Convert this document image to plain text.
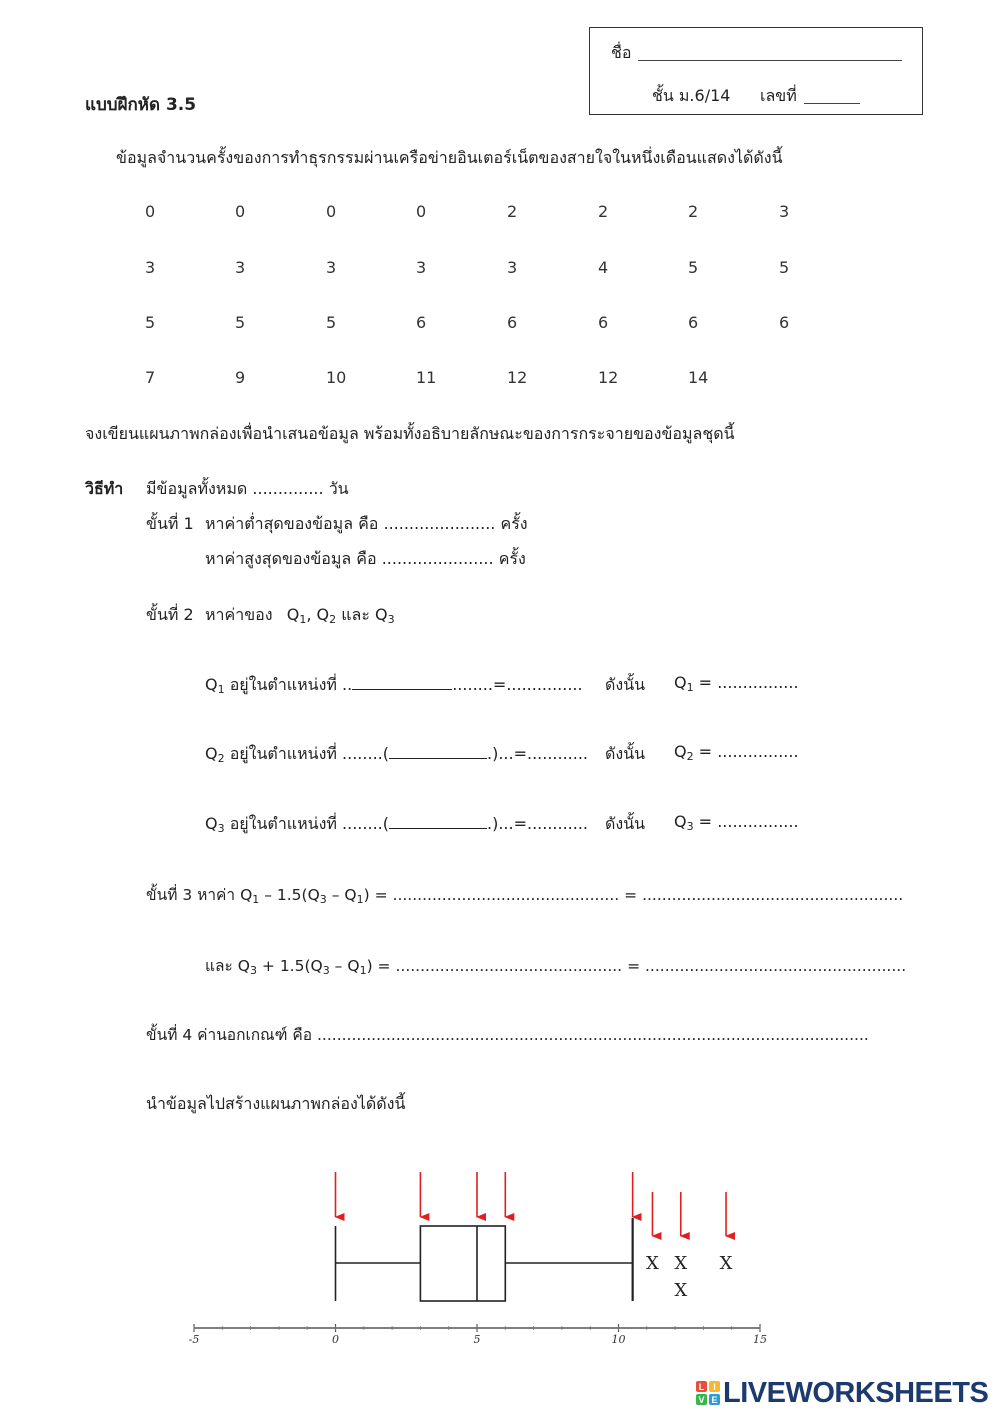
แบบฝึกหัด 3.5
ชื่อ
ชั้น ม.6/14 เลขที่
ข้อมูลจำนวนครั้งของการทำธุรกรรมผ่านเครือข่ายอินเตอร์เน็ตของสายใจในหนึ่งเดือนแสดงได้ดังนี้
0	0	0	0	2	2	2	3
3	3	3	3	3	4	5	5
5	5	5	6	6	6	6	6
7	9	10	11	12	12	14
จงเขียนแผนภาพกล่องเพื่อนำเสนอข้อมูล พร้อมทั้งอธิบายลักษณะของการกระจายของข้อมูลชุดนี้
วิธีทำ มีข้อมูลทั้งหมด .............. วัน
ขั้นที่ 1 หาค่าต่ำสุดของข้อมูล คือ ...................... ครั้ง
หาค่าสูงสุดของข้อมูล คือ ...................... ครั้ง
ขั้นที่ 2 หาค่าของ $Q_1$, $Q_2$ และ $Q_3$
$Q_1$ อยู่ในตำแหน่งที่ ..	........=............... ดังนั้น $Q_1$ = ................
$Q_2$ อยู่ในตำแหน่งที่ ........(	.)...=............ ดังนั้น $Q_2$ = ................
$Q_3$ อยู่ในตำแหน่งที่ ........(	.)...=............ ดังนั้น $Q_3$ = ................
ขั้นที่ 3 หาค่า $Q_1 - 1.5(Q_3 - Q_1)$ = .............................................. = .....................................................
และ $Q_3 + 1.5(Q_3 - Q_1)$ = .............................................. = .....................................................
ขั้นที่ 4 ค่านอกเกณฑ์ คือ ................................................................................................................
นำข้อมูลไปสร้างแผนภาพกล่องได้ดังนี้
-5	0	5	10	15
X X
X
X
L I
V E LIVEWORKSHEETS
